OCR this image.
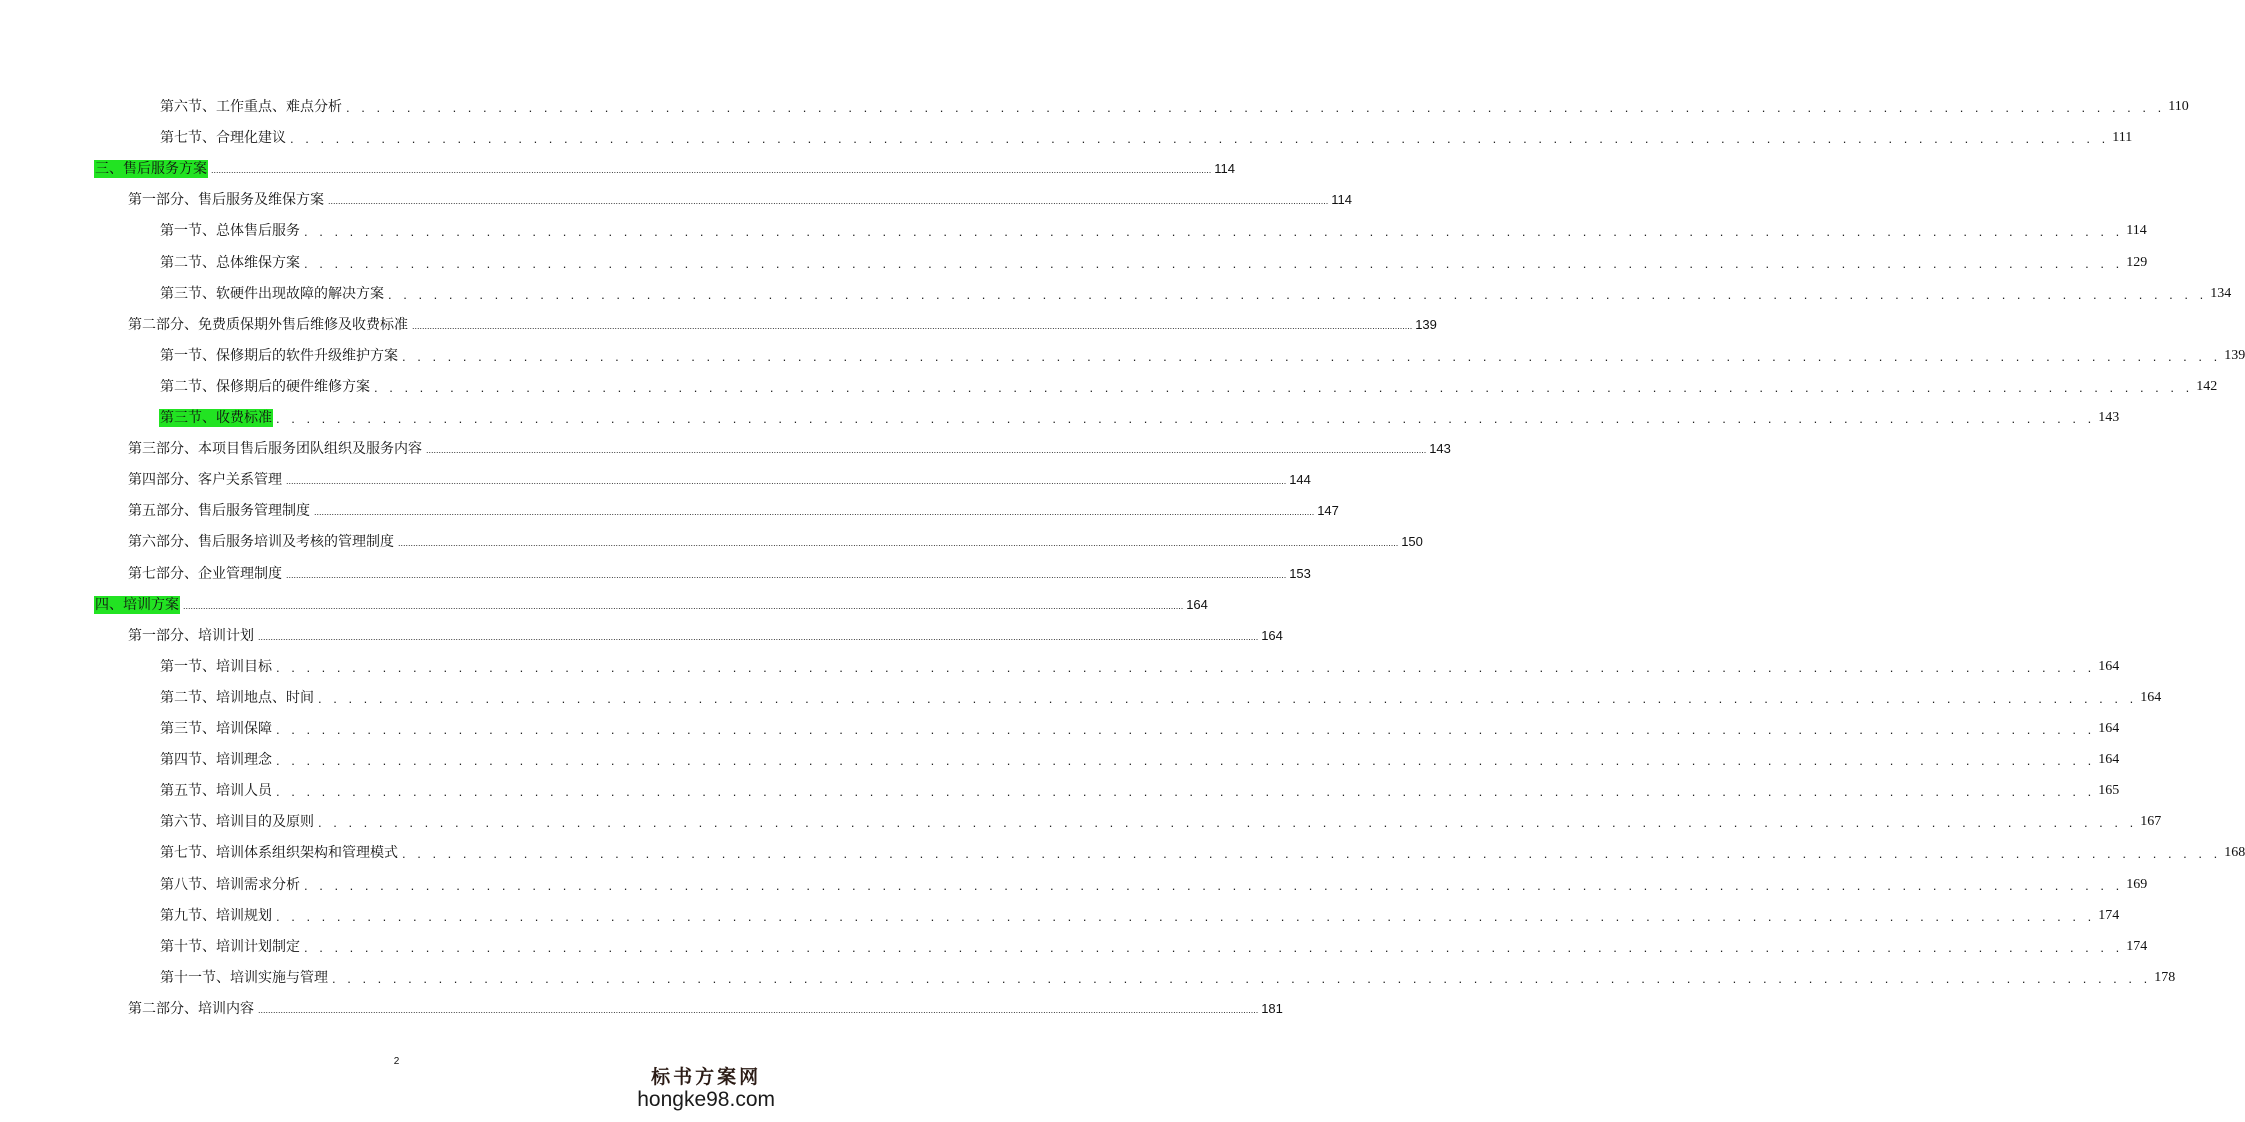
第六节、工作重点、难点分析 . . . . . . . . . . . . . . . . . . . . . . . . . . . . . . . . . . . . . . . . . . . . . . . . . . . . . . . . . . . . . . . . . . . . . . . . . . . . . . . . . . . . . . . . . . . . . . . . . . . . . . . . . . . . . . . . . . . . . . . . 110
第七节、合理化建议 . . . . . . . . . . . . . . . . . . . . . . . . . . . . . . . . . . . . . . . . . . . . . . . . . . . . . . . . . . . . . . . . . . . . . . . . . . . . . . . . . . . . . . . . . . . . . . . . . . . . . . . . . . . . . . . . . . . . . . . . 111
三、售后服务方案 ................................................................................................................................................................................................................................................................................................................................................................................................................ 114
第一部分、售后服务及维保方案 ................................................................................................................................................................................................................................................................................................................................................................................................................ 114
第一节、总体售后服务 . . . . . . . . . . . . . . . . . . . . . . . . . . . . . . . . . . . . . . . . . . . . . . . . . . . . . . . . . . . . . . . . . . . . . . . . . . . . . . . . . . . . . . . . . . . . . . . . . . . . . . . . . . . . . . . . . . . . . . . . 114
第二节、总体维保方案 . . . . . . . . . . . . . . . . . . . . . . . . . . . . . . . . . . . . . . . . . . . . . . . . . . . . . . . . . . . . . . . . . . . . . . . . . . . . . . . . . . . . . . . . . . . . . . . . . . . . . . . . . . . . . . . . . . . . . . . . 129
第三节、软硬件出现故障的解决方案 . . . . . . . . . . . . . . . . . . . . . . . . . . . . . . . . . . . . . . . . . . . . . . . . . . . . . . . . . . . . . . . . . . . . . . . . . . . . . . . . . . . . . . . . . . . . . . . . . . . . . . . . . . . . . . . . . . . . . . . . 134
第二部分、免费质保期外售后维修及收费标准 ................................................................................................................................................................................................................................................................................................................................................................................................................ 139
第一节、保修期后的软件升级维护方案 . . . . . . . . . . . . . . . . . . . . . . . . . . . . . . . . . . . . . . . . . . . . . . . . . . . . . . . . . . . . . . . . . . . . . . . . . . . . . . . . . . . . . . . . . . . . . . . . . . . . . . . . . . . . . . . . . . . . . . . . 139
第二节、保修期后的硬件维修方案 . . . . . . . . . . . . . . . . . . . . . . . . . . . . . . . . . . . . . . . . . . . . . . . . . . . . . . . . . . . . . . . . . . . . . . . . . . . . . . . . . . . . . . . . . . . . . . . . . . . . . . . . . . . . . . . . . . . . . . . . 142
第三节、收费标准 . . . . . . . . . . . . . . . . . . . . . . . . . . . . . . . . . . . . . . . . . . . . . . . . . . . . . . . . . . . . . . . . . . . . . . . . . . . . . . . . . . . . . . . . . . . . . . . . . . . . . . . . . . . . . . . . . . . . . . . . 143
第三部分、本项目售后服务团队组织及服务内容 ................................................................................................................................................................................................................................................................................................................................................................................................................ 143
第四部分、客户关系管理 ................................................................................................................................................................................................................................................................................................................................................................................................................ 144
第五部分、售后服务管理制度 ................................................................................................................................................................................................................................................................................................................................................................................................................ 147
第六部分、售后服务培训及考核的管理制度 ................................................................................................................................................................................................................................................................................................................................................................................................................ 150
第七部分、企业管理制度 ................................................................................................................................................................................................................................................................................................................................................................................................................ 153
四、培训方案 ................................................................................................................................................................................................................................................................................................................................................................................................................ 164
第一部分、培训计划 ................................................................................................................................................................................................................................................................................................................................................................................................................ 164
第一节、培训目标 . . . . . . . . . . . . . . . . . . . . . . . . . . . . . . . . . . . . . . . . . . . . . . . . . . . . . . . . . . . . . . . . . . . . . . . . . . . . . . . . . . . . . . . . . . . . . . . . . . . . . . . . . . . . . . . . . . . . . . . . 164
第二节、培训地点、时间 . . . . . . . . . . . . . . . . . . . . . . . . . . . . . . . . . . . . . . . . . . . . . . . . . . . . . . . . . . . . . . . . . . . . . . . . . . . . . . . . . . . . . . . . . . . . . . . . . . . . . . . . . . . . . . . . . . . . . . . . 164
第三节、培训保障 . . . . . . . . . . . . . . . . . . . . . . . . . . . . . . . . . . . . . . . . . . . . . . . . . . . . . . . . . . . . . . . . . . . . . . . . . . . . . . . . . . . . . . . . . . . . . . . . . . . . . . . . . . . . . . . . . . . . . . . . 164
第四节、培训理念 . . . . . . . . . . . . . . . . . . . . . . . . . . . . . . . . . . . . . . . . . . . . . . . . . . . . . . . . . . . . . . . . . . . . . . . . . . . . . . . . . . . . . . . . . . . . . . . . . . . . . . . . . . . . . . . . . . . . . . . . 164
第五节、培训人员 . . . . . . . . . . . . . . . . . . . . . . . . . . . . . . . . . . . . . . . . . . . . . . . . . . . . . . . . . . . . . . . . . . . . . . . . . . . . . . . . . . . . . . . . . . . . . . . . . . . . . . . . . . . . . . . . . . . . . . . . 165
第六节、培训目的及原则 . . . . . . . . . . . . . . . . . . . . . . . . . . . . . . . . . . . . . . . . . . . . . . . . . . . . . . . . . . . . . . . . . . . . . . . . . . . . . . . . . . . . . . . . . . . . . . . . . . . . . . . . . . . . . . . . . . . . . . . . 167
第七节、培训体系组织架构和管理模式 . . . . . . . . . . . . . . . . . . . . . . . . . . . . . . . . . . . . . . . . . . . . . . . . . . . . . . . . . . . . . . . . . . . . . . . . . . . . . . . . . . . . . . . . . . . . . . . . . . . . . . . . . . . . . . . . . . . . . . . . 168
第八节、培训需求分析 . . . . . . . . . . . . . . . . . . . . . . . . . . . . . . . . . . . . . . . . . . . . . . . . . . . . . . . . . . . . . . . . . . . . . . . . . . . . . . . . . . . . . . . . . . . . . . . . . . . . . . . . . . . . . . . . . . . . . . . . 169
第九节、培训规划 . . . . . . . . . . . . . . . . . . . . . . . . . . . . . . . . . . . . . . . . . . . . . . . . . . . . . . . . . . . . . . . . . . . . . . . . . . . . . . . . . . . . . . . . . . . . . . . . . . . . . . . . . . . . . . . . . . . . . . . . 174
第十节、培训计划制定 . . . . . . . . . . . . . . . . . . . . . . . . . . . . . . . . . . . . . . . . . . . . . . . . . . . . . . . . . . . . . . . . . . . . . . . . . . . . . . . . . . . . . . . . . . . . . . . . . . . . . . . . . . . . . . . . . . . . . . . . 174
第十一节、培训实施与管理 . . . . . . . . . . . . . . . . . . . . . . . . . . . . . . . . . . . . . . . . . . . . . . . . . . . . . . . . . . . . . . . . . . . . . . . . . . . . . . . . . . . . . . . . . . . . . . . . . . . . . . . . . . . . . . . . . . . . . . . . 178
第二部分、培训内容 ................................................................................................................................................................................................................................................................................................................................................................................................................ 181
2
标书方案网
hongke98.com
